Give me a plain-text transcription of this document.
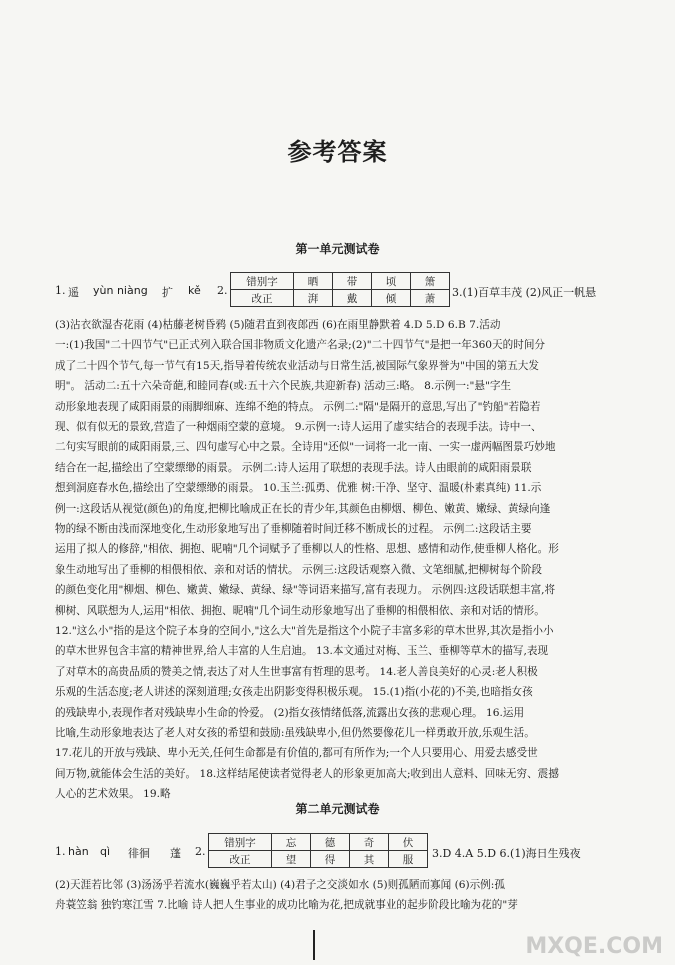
参考答案
第一单元测试卷
1. 遥 yùn niàng 扩 kě 2.
错别字	晒	带	顷	箫
改正	湃	戴	倾	萧 3.(1)百草丰茂 (2)风正一帆悬
(3)沾衣欲湿杏花雨 (4)枯藤老树昏鸦 (5)随君直到夜郎西 (6)在雨里静默着 4.D 5.D 6.B 7.活动
一:(1)我国"二十四节气"已正式列入联合国非物质文化遗产名录;(2)"二十四节气"是把一年360天的时间分
成了二十四个节气,每一节气有15天,指导着传统农业活动与日常生活,被国际气象界誉为"中国的第五大发
明"。 活动二:五十六朵奇葩,和睦同春(或:五十六个民族,共迎新春) 活动三:略。 8.示例一:"悬"字生
动形象地表现了咸阳雨景的雨脚细麻、连绵不绝的特点。 示例二:"隔"是隔开的意思,写出了"钓船"若隐若
现、似有似无的景致,营造了一种烟雨空蒙的意境。 9.示例一:诗人运用了虚实结合的表现手法。诗中一、
二句实写眼前的咸阳雨景,三、四句虚写心中之景。全诗用"还似"一词将一北一南、一实一虚两幅图景巧妙地
结合在一起,描绘出了空蒙缥缈的雨景。 示例二:诗人运用了联想的表现手法。诗人由眼前的咸阳雨景联
想到洞庭春水色,描绘出了空蒙缥缈的雨景。 10.玉兰:孤勇、优雅 树:干净、坚守、温暖(朴素真纯) 11.示
例一:这段话从视觉(颜色)的角度,把柳比喻成正在长的青少年,其颜色由柳烟、柳色、嫩黄、嫩绿、黄绿向逢
物的绿不断由浅而深地变化,生动形象地写出了垂柳随着时间迁移不断成长的过程。 示例二:这段话主要
运用了拟人的修辞,"相依、拥抱、昵喃"几个词赋予了垂柳以人的性格、思想、感情和动作,使垂柳人格化。形
象生动地写出了垂柳的相偎相依、亲和对话的情状。 示例三:这段话观察入微、文笔细腻,把柳树每个阶段
的颜色变化用"柳烟、柳色、嫩黄、嫩绿、黄绿、绿"等词语来描写,富有表现力。 示例四:这段话联想丰富,将
柳树、风联想为人,运用"相依、拥抱、昵喃"几个词生动形象地写出了垂柳的相偎相依、亲和对话的情形。
12."这么小"指的是这个院子本身的空间小,"这么大"首先是指这个小院子丰富多彩的草木世界,其次是指小小
的草木世界包含丰富的精神世界,给人丰富的人生启迪。 13.本文通过对梅、玉兰、垂柳等草木的描写,表现
了对草木的高贵品质的赞美之情,表达了对人生世事富有哲理的思考。 14.老人善良美好的心灵:老人积极
乐观的生活态度;老人讲述的深刻道理;女孩走出阴影变得积极乐观。 15.(1)指(小花的)不美,也暗指女孩
的残缺卑小,表现作者对残缺卑小生命的怜爱。 (2)指女孩情绪低落,流露出女孩的悲观心理。 16.运用
比喻,生动形象地表达了老人对女孩的希望和鼓励:虽残缺卑小,但仍然要像花儿一样勇敢开放,乐观生活。
17.花儿的开放与残缺、卑小无关,任何生命都是有价值的,都可有所作为;一个人只要用心、用爱去感受世
间万物,就能体会生活的美好。 18.这样结尾使读者觉得老人的形象更加高大;收到出人意料、回味无穷、震撼
人心的艺术效果。 19.略
第二单元测试卷
1. hàn qì 徘徊 蓬 2.
错别字	忘	德	奇	伏
改正	望	得	其	服 3.D 4.A 5.D 6.(1)海日生残夜
(2)天涯若比邻 (3)汤汤乎若流水(巍巍乎若太山) (4)君子之交淡如水 (5)则孤陋而寡闻 (6)示例:孤
舟蓑笠翁 独钓寒江雪 7.比喻 诗人把人生事业的成功比喻为花,把成就事业的起步阶段比喻为花的"芽
MXQE.COM
